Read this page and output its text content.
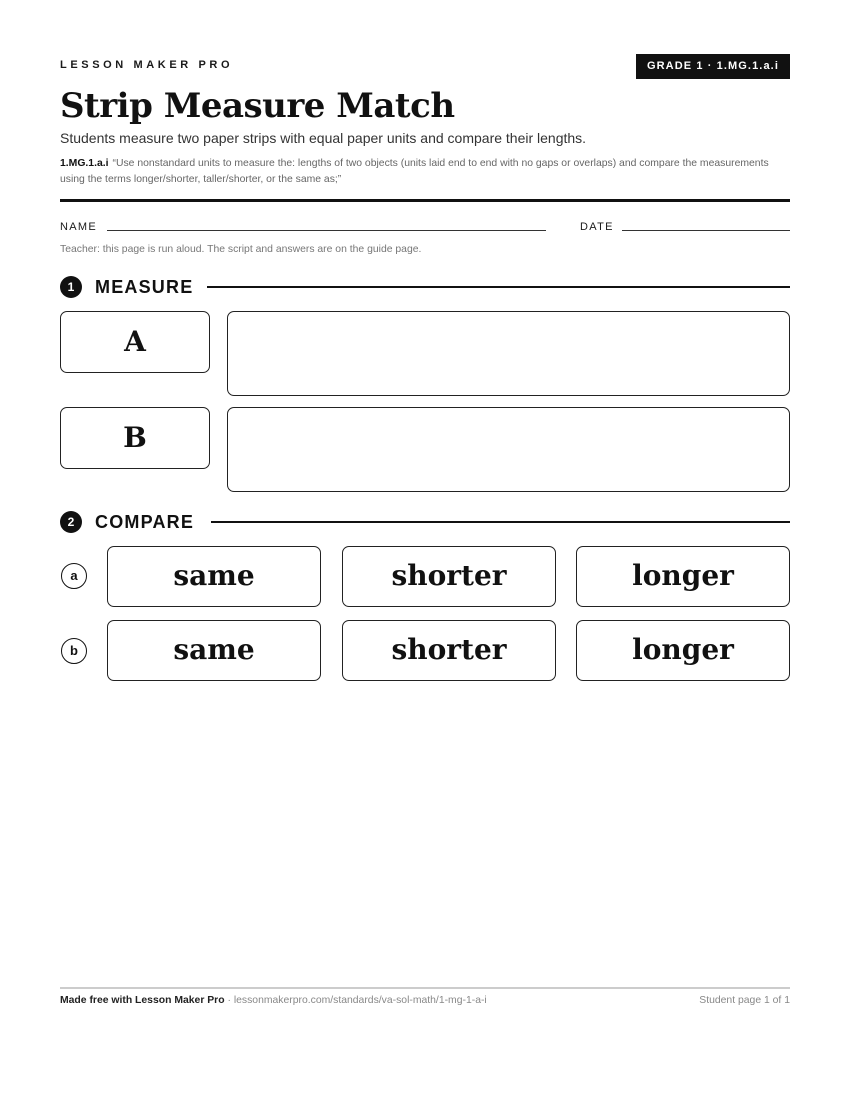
LESSON MAKER PRO	GRADE 1 · 1.MG.1.a.i
Strip Measure Match
Students measure two paper strips with equal paper units and compare their lengths.
1.MG.1.a.i “Use nonstandard units to measure the: lengths of two objects (units laid end to end with no gaps or overlaps) and compare the measurements using the terms longer/shorter, taller/shorter, or the same as;”
NAME	DATE
Teacher: this page is run aloud. The script and answers are on the guide page.
1	MEASURE
A
B
2	COMPARE
a	same	shorter	longer
b	same	shorter	longer
Made free with Lesson Maker Pro · lessonmakerpro.com/standards/va-sol-math/1-mg-1-a-i	Student page 1 of 1
